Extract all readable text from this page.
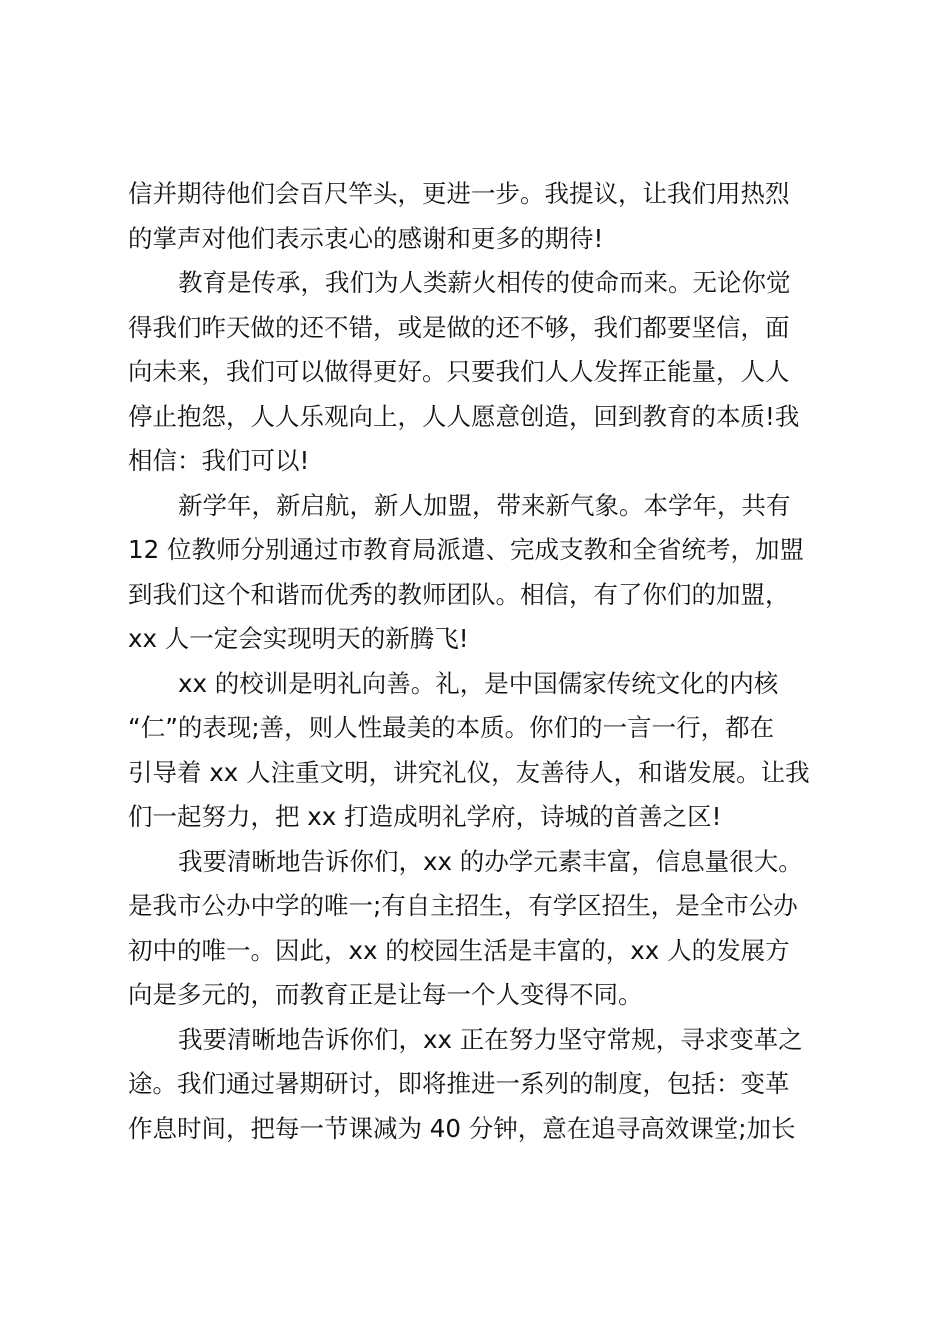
信并期待他们会百尺竿头，更进一步。我提议，让我们用热烈
的掌声对他们表示衷心的感谢和更多的期待!
教育是传承，我们为人类薪火相传的使命而来。无论你觉
得我们昨天做的还不错，或是做的还不够，我们都要坚信，面
向未来，我们可以做得更好。只要我们人人发挥正能量，人人
停止抱怨，人人乐观向上，人人愿意创造，回到教育的本质!我
相信：我们可以!
新学年，新启航，新人加盟，带来新气象。本学年，共有
12 位教师分别通过市教育局派遣、完成支教和全省统考，加盟
到我们这个和谐而优秀的教师团队。相信，有了你们的加盟，
xx 人一定会实现明天的新腾飞!
xx 的校训是明礼向善。礼，是中国儒家传统文化的内核
“仁”的表现;善，则人性最美的本质。你们的一言一行，都在
引导着 xx 人注重文明，讲究礼仪，友善待人，和谐发展。让我
们一起努力，把 xx 打造成明礼学府，诗城的首善之区!
我要清晰地告诉你们，xx 的办学元素丰富，信息量很大。
是我市公办中学的唯一;有自主招生，有学区招生，是全市公办
初中的唯一。因此，xx 的校园生活是丰富的，xx 人的发展方
向是多元的，而教育正是让每一个人变得不同。
我要清晰地告诉你们，xx 正在努力坚守常规，寻求变革之
途。我们通过暑期研讨，即将推进一系列的制度，包括：变革
作息时间，把每一节课减为 40 分钟，意在追寻高效课堂;加长
